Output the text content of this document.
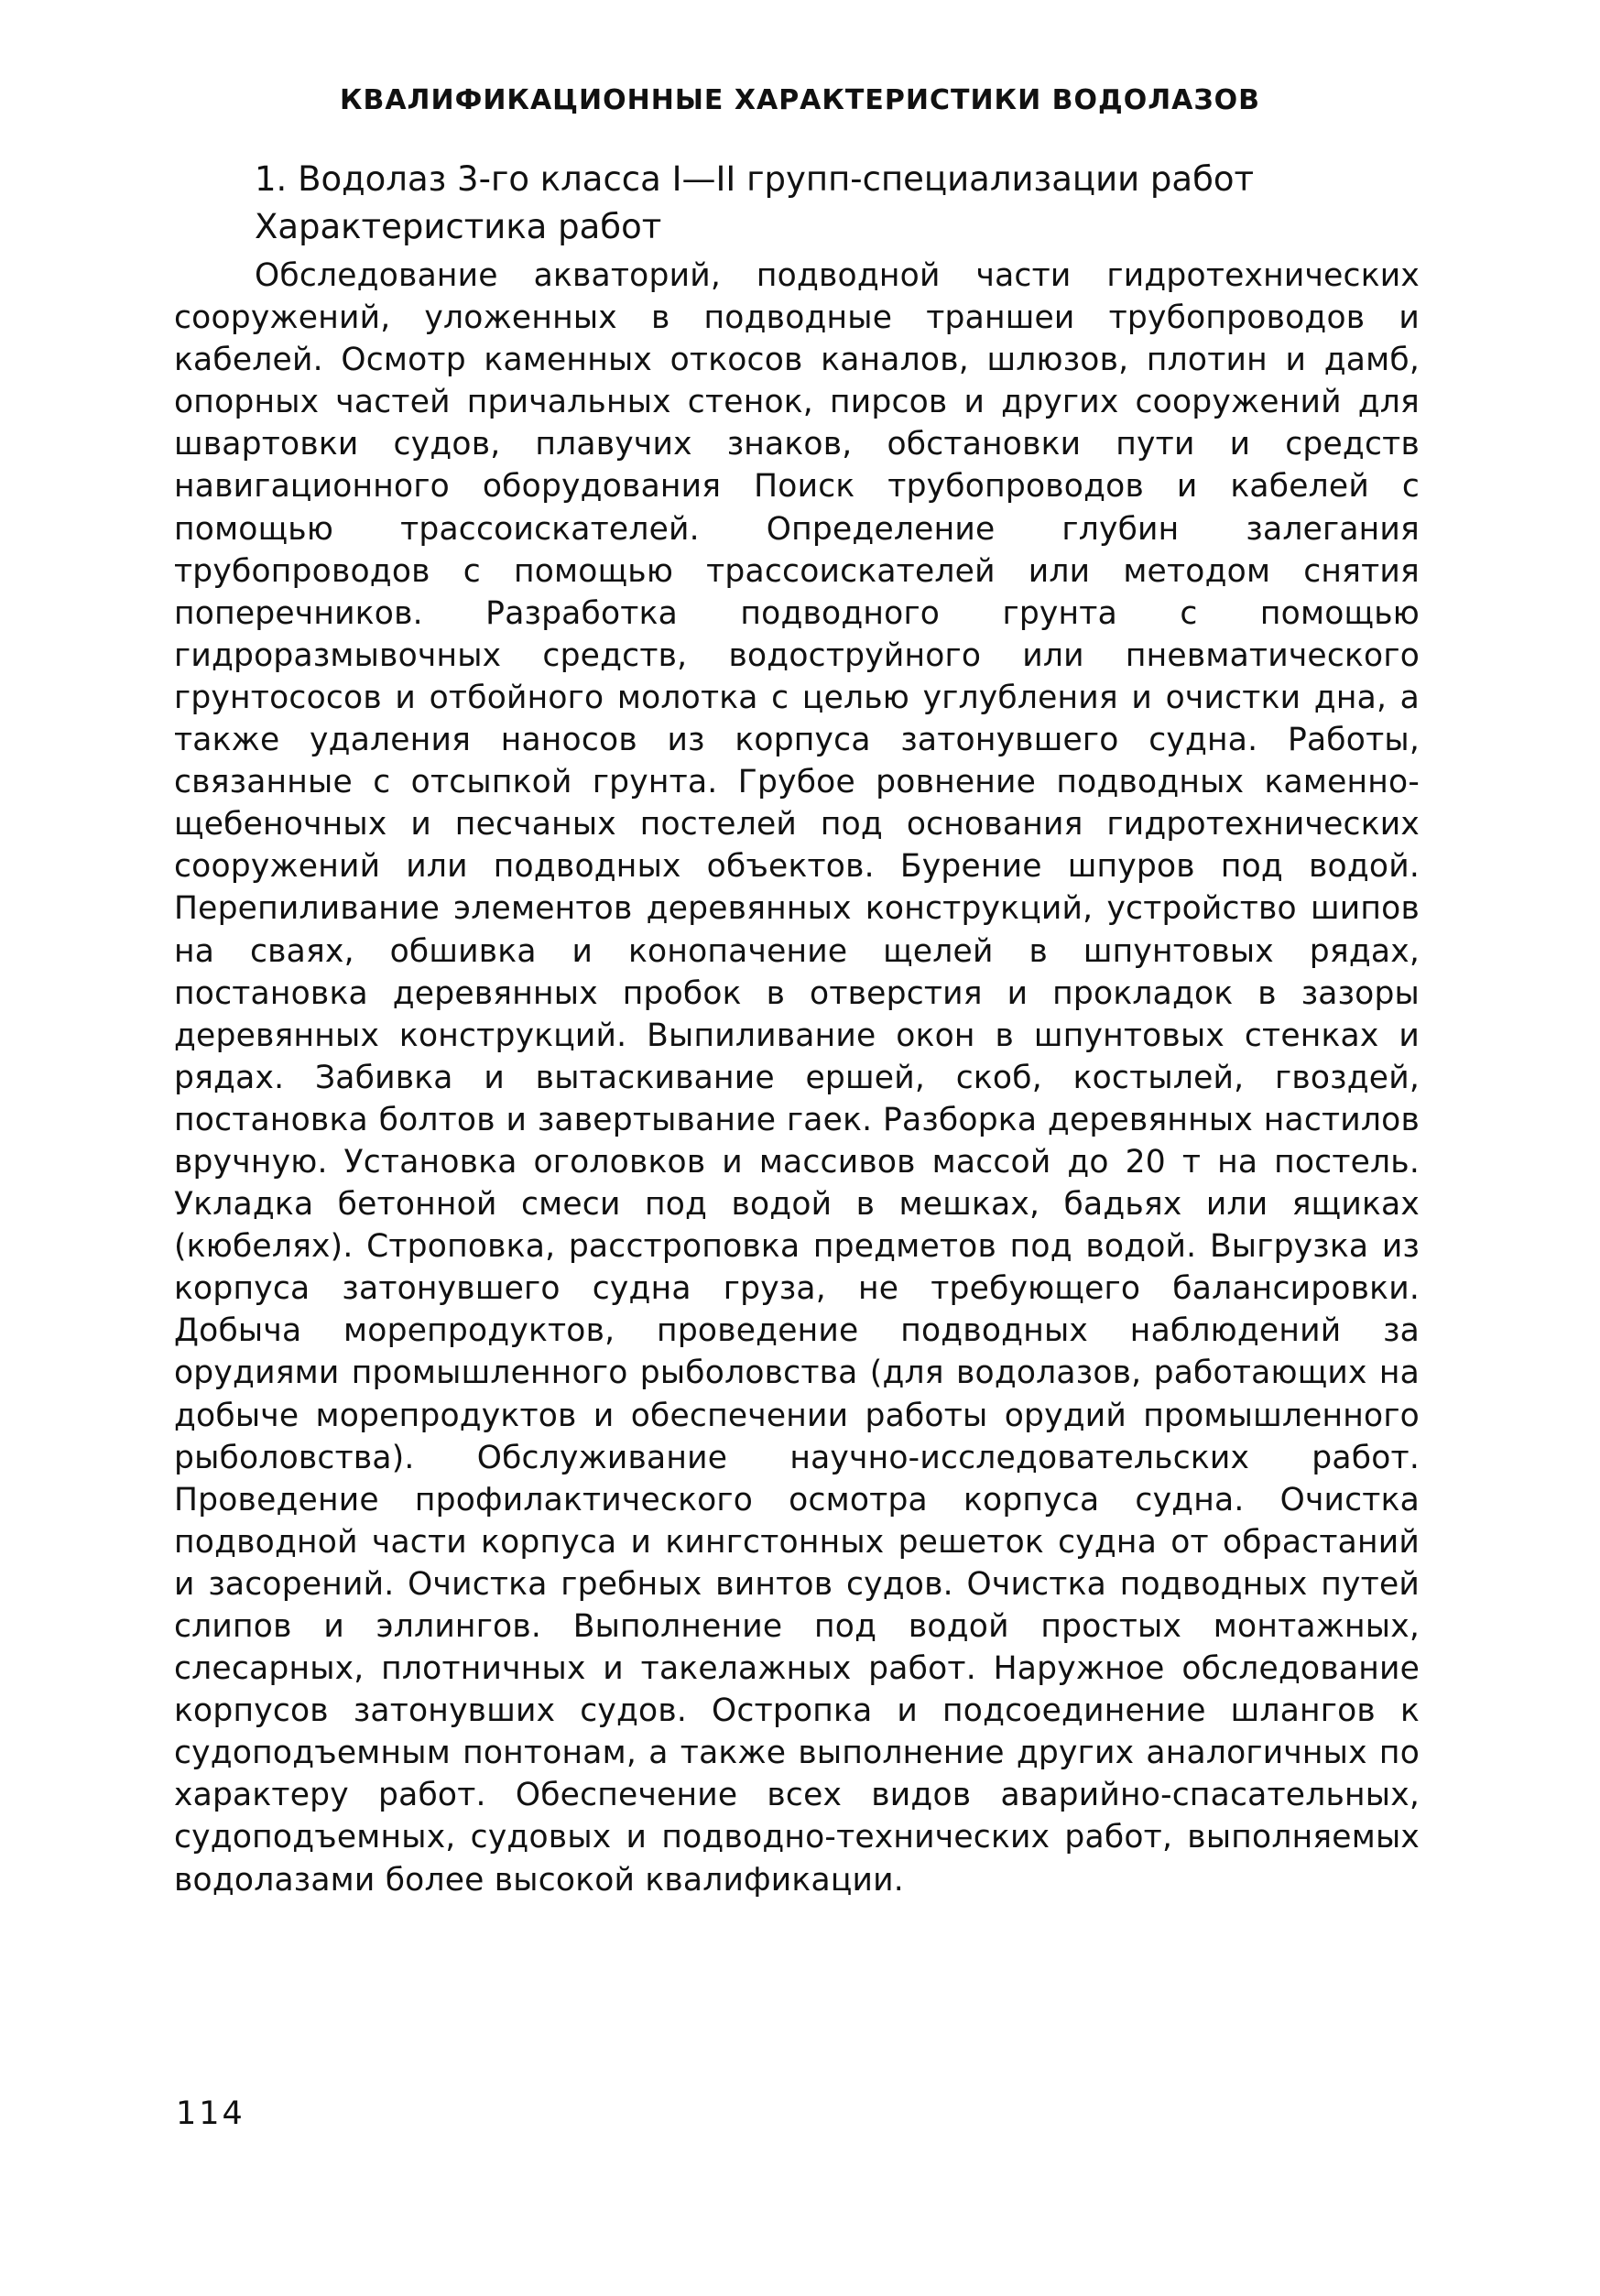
КВАЛИФИКАЦИОННЫЕ ХАРАКТЕРИСТИКИ ВОДОЛАЗОВ
1. Водолаз 3-го класса I—II групп-специализации работ
Характеристика работ

Обследование акваторий, подводной части гидротехнических сооружений, уложенных в подводные траншеи трубопроводов и кабелей. Осмотр каменных откосов каналов, шлюзов, плотин и дамб, опорных частей причальных стенок, пирсов и других сооружений для швартовки судов, плавучих знаков, обстановки пути и средств навигационного оборудования Поиск трубопроводов и кабелей с помощью трассоискателей. Определение глубин залегания трубопроводов с помощью трассоискателей или методом снятия поперечников. Разработка подводного грунта с помощью гидроразмывочных средств, водоструйного или пневматического грунтососов и отбойного молотка с целью углубления и очистки дна, а также удаления наносов из корпуса затонувшего судна. Работы, связанные с отсыпкой грунта. Грубое ровнение подводных каменно-щебеночных и песчаных постелей под основания гидротехнических сооружений или подводных объектов. Бурение шпуров под водой. Перепиливание элементов деревянных конструкций, устройство шипов на сваях, обшивка и конопачение щелей в шпунтовых рядах, постановка деревянных пробок в отверстия и прокладок в зазоры деревянных конструкций. Выпиливание окон в шпунтовых стенках и рядах. Забивка и вытаскивание ершей, скоб, костылей, гвоздей, постановка болтов и завертывание гаек. Разборка деревянных настилов вручную. Установка оголовков и массивов массой до 20 т на постель. Укладка бетонной смеси под водой в мешках, бадьях или ящиках (кюбелях). Строповка, расстроповка предметов под водой. Выгрузка из корпуса затонувшего судна груза, не требующего балансировки. Добыча морепродуктов, проведение подводных наблюдений за орудиями промышленного рыболовства (для водолазов, работающих на добыче морепродуктов и обеспечении работы орудий промышленного рыболовства). Обслуживание научно-исследовательских работ. Проведение профилактического осмотра корпуса судна. Очистка подводной части корпуса и кингстонных решеток судна от обрастаний и засорений. Очистка гребных винтов судов. Очистка подводных путей слипов и эллингов. Выполнение под водой простых монтажных, слесарных, плотничных и такелажных работ. Наружное обследование корпусов затонувших судов. Остропка и подсоединение шлангов к судоподъемным понтонам, а также выполнение других аналогичных по характеру работ. Обеспечение всех видов аварийно-спасательных, судоподъемных, судовых и подводно-технических работ, выполняемых водолазами более высокой квалификации.

114
